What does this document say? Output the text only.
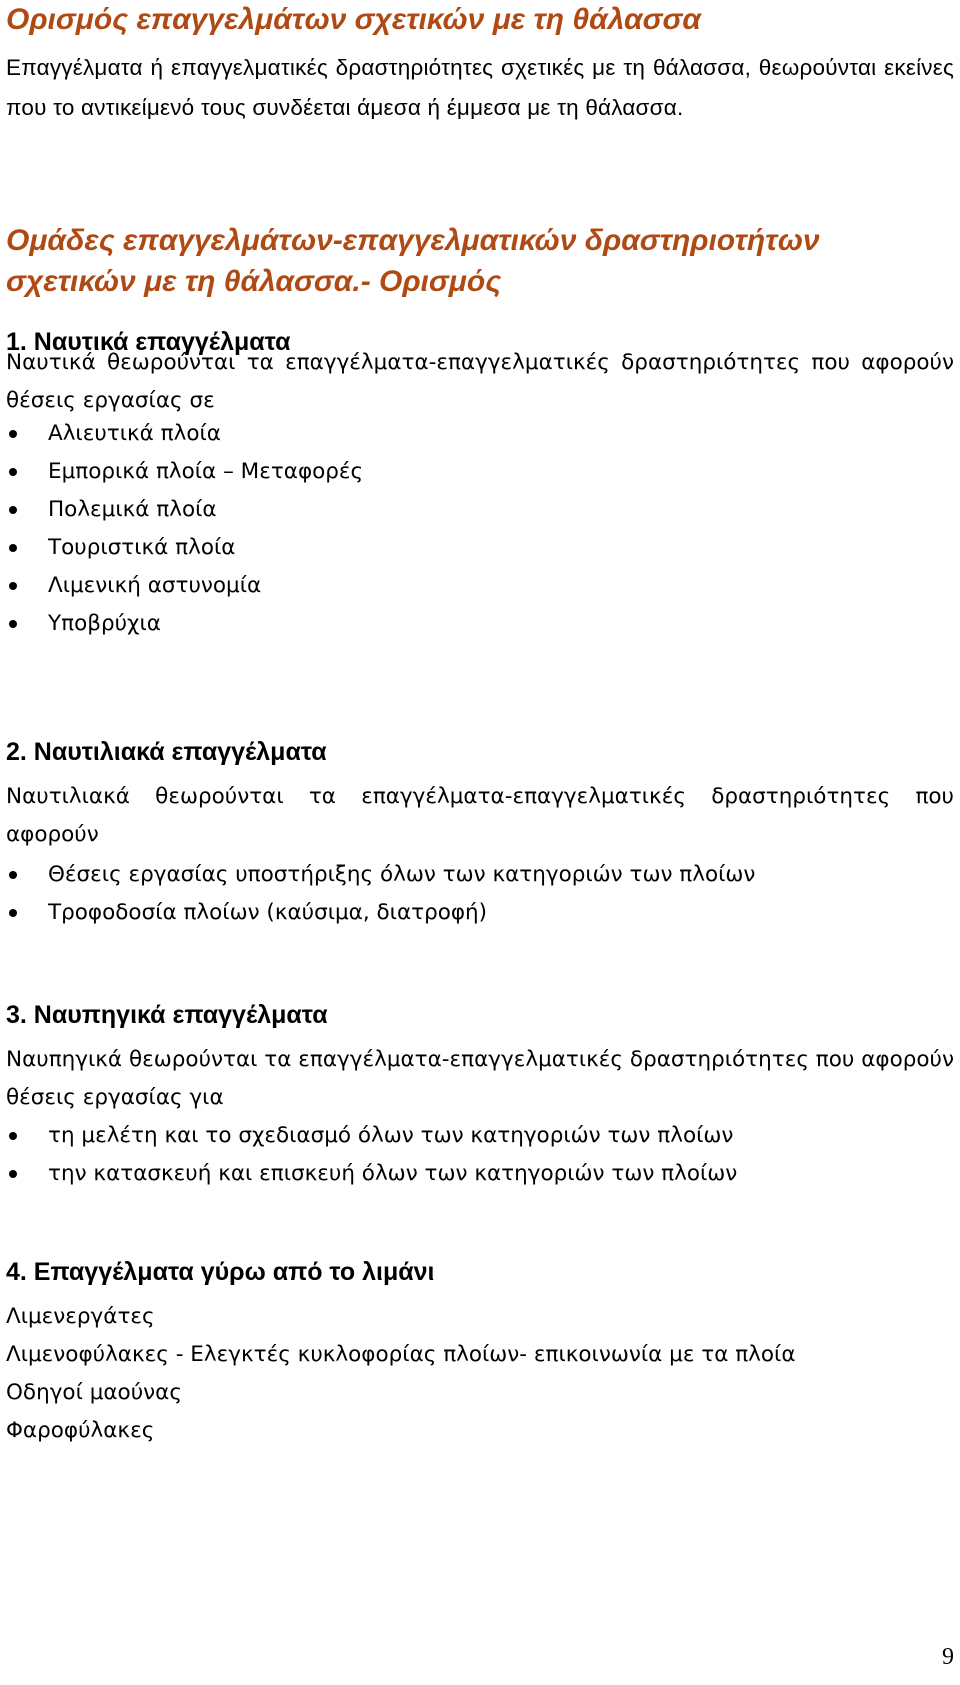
Ορισμός επαγγελμάτων σχετικών με τη θάλασσα

Επαγγέλματα ή επαγγελματικές δραστηριότητες σχετικές με τη θάλασσα, θεωρούνται εκείνες που το αντικείμενό τους συνδέεται άμεσα ή έμμεσα με τη θάλασσα.

Ομάδες επαγγελμάτων-επαγγελματικών δραστηριοτήτων σχετικών με τη θάλασσα.- Ορισμός
1. Ναυτικά επαγγέλματα

Ναυτικά θεωρούνται τα επαγγέλματα-επαγγελματικές δραστηριότητες που αφορούν θέσεις εργασίας σε

Αλιευτικά πλοία
Εμπορικά πλοία – Μεταφορές
Πολεμικά πλοία
Τουριστικά πλοία
Λιμενική αστυνομία
Υποβρύχια
2. Ναυτιλιακά επαγγέλματα

Ναυτιλιακά θεωρούνται τα επαγγέλματα-επαγγελματικές δραστηριότητες που αφορούν

Θέσεις εργασίας υποστήριξης όλων των κατηγοριών των πλοίων
Τροφοδοσία πλοίων (καύσιμα, διατροφή)
3. Ναυπηγικά επαγγέλματα

Ναυπηγικά θεωρούνται τα επαγγέλματα-επαγγελματικές δραστηριότητες που αφορούν θέσεις εργασίας για

τη μελέτη και το σχεδιασμό όλων των κατηγοριών των πλοίων
την κατασκευή και επισκευή όλων των κατηγοριών των πλοίων
4. Επαγγέλματα γύρω από το λιμάνι
Λιμενεργάτες
Λιμενοφύλακες - Ελεγκτές κυκλοφορίας πλοίων- επικοινωνία με τα πλοία
Οδηγοί μαούνας
Φαροφύλακες
9
